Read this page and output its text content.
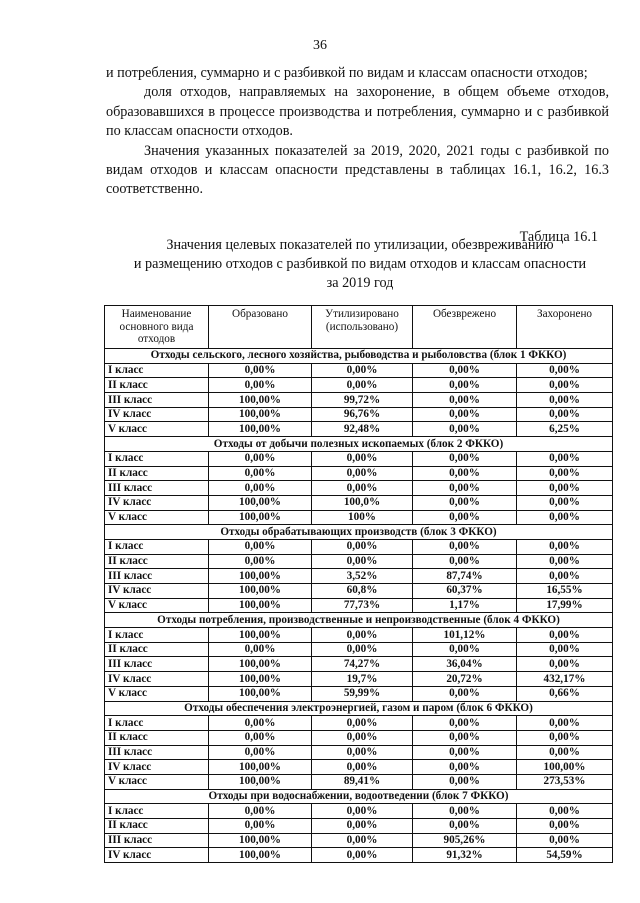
36

и потребления, суммарно и с разбивкой по видам и классам опасности отходов;

доля отходов, направляемых на захоронение, в общем объеме отходов, образовавшихся в процессе производства и потребления, суммарно и с разбивкой по классам опасности отходов.

Значения указанных показателей за 2019, 2020, 2021 годы с разбивкой по видам отходов и классам опасности представлены в таблицах 16.1, 16.2, 16.3 соответственно.

Таблица 16.1
Значения целевых показателей по утилизации, обезвреживанию
и размещению отходов с разбивкой по видам отходов и классам опасности
за 2019 год
Наименование основного вида отходов	Образовано	Утилизировано (использовано)	Обезврежено	Захоронено
Отходы сельского, лесного хозяйства, рыбоводства и рыболовства (блок 1 ФККО)				
I класс	0,00%	0,00%	0,00%	0,00%
II класс	0,00%	0,00%	0,00%	0,00%
III класс	100,00%	99,72%	0,00%	0,00%
IV класс	100,00%	96,76%	0,00%	0,00%
V класс	100,00%	92,48%	0,00%	6,25%
Отходы от добычи полезных ископаемых (блок 2 ФККО)				
I класс	0,00%	0,00%	0,00%	0,00%
II класс	0,00%	0,00%	0,00%	0,00%
III класс	0,00%	0,00%	0,00%	0,00%
IV класс	100,00%	100,0%	0,00%	0,00%
V класс	100,00%	100%	0,00%	0,00%
Отходы обрабатывающих производств (блок 3 ФККО)				
I класс	0,00%	0,00%	0,00%	0,00%
II класс	0,00%	0,00%	0,00%	0,00%
III класс	100,00%	3,52%	87,74%	0,00%
IV класс	100,00%	60,8%	60,37%	16,55%
V класс	100,00%	77,73%	1,17%	17,99%
Отходы потребления, производственные и непроизводственные (блок 4 ФККО)				
I класс	100,00%	0,00%	101,12%	0,00%
II класс	0,00%	0,00%	0,00%	0,00%
III класс	100,00%	74,27%	36,04%	0,00%
IV класс	100,00%	19,7%	20,72%	432,17%
V класс	100,00%	59,99%	0,00%	0,66%
Отходы обеспечения электроэнергией, газом и паром (блок 6 ФККО)				
I класс	0,00%	0,00%	0,00%	0,00%
II класс	0,00%	0,00%	0,00%	0,00%
III класс	0,00%	0,00%	0,00%	0,00%
IV класс	100,00%	0,00%	0,00%	100,00%
V класс	100,00%	89,41%	0,00%	273,53%
Отходы при водоснабжении, водоотведении (блок 7 ФККО)				
I класс	0,00%	0,00%	0,00%	0,00%
II класс	0,00%	0,00%	0,00%	0,00%
III класс	100,00%	0,00%	905,26%	0,00%
IV класс	100,00%	0,00%	91,32%	54,59%
